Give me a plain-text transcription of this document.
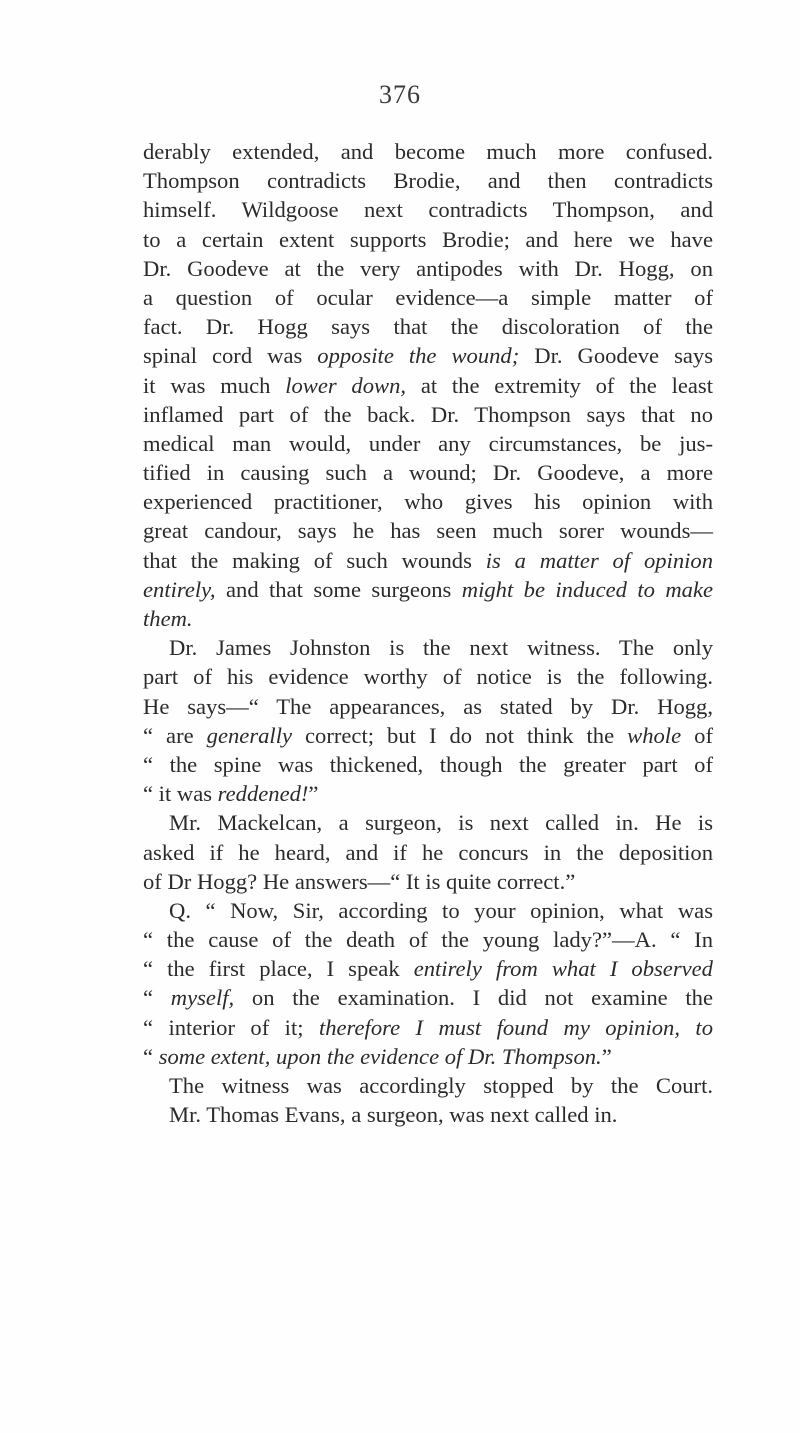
376
derably extended, and become much more confused.
Thompson contradicts Brodie, and then contradicts
himself. Wildgoose next contradicts Thompson, and
to a certain extent supports Brodie; and here we have
Dr. Goodeve at the very antipodes with Dr. Hogg, on
a question of ocular evidence—a simple matter of
fact. Dr. Hogg says that the discoloration of the
spinal cord was opposite the wound; Dr. Goodeve says
it was much lower down, at the extremity of the least
inflamed part of the back. Dr. Thompson says that no
medical man would, under any circumstances, be jus-
tified in causing such a wound; Dr. Goodeve, a more
experienced practitioner, who gives his opinion with
great candour, says he has seen much sorer wounds—
that the making of such wounds is a matter of opinion
entirely, and that some surgeons might be induced to make
them.
Dr. James Johnston is the next witness. The only
part of his evidence worthy of notice is the following.
He says—“ The appearances, as stated by Dr. Hogg,
“ are generally correct; but I do not think the whole of
“ the spine was thickened, though the greater part of
“ it was reddened!”
Mr. Mackelcan, a surgeon, is next called in. He is
asked if he heard, and if he concurs in the deposition
of Dr Hogg? He answers—“ It is quite correct.”
Q. “ Now, Sir, according to your opinion, what was
“ the cause of the death of the young lady?”—A. “ In
“ the first place, I speak entirely from what I observed
“ myself, on the examination. I did not examine the
“ interior of it; therefore I must found my opinion, to
“ some extent, upon the evidence of Dr. Thompson.”
The witness was accordingly stopped by the Court.
Mr. Thomas Evans, a surgeon, was next called in.
